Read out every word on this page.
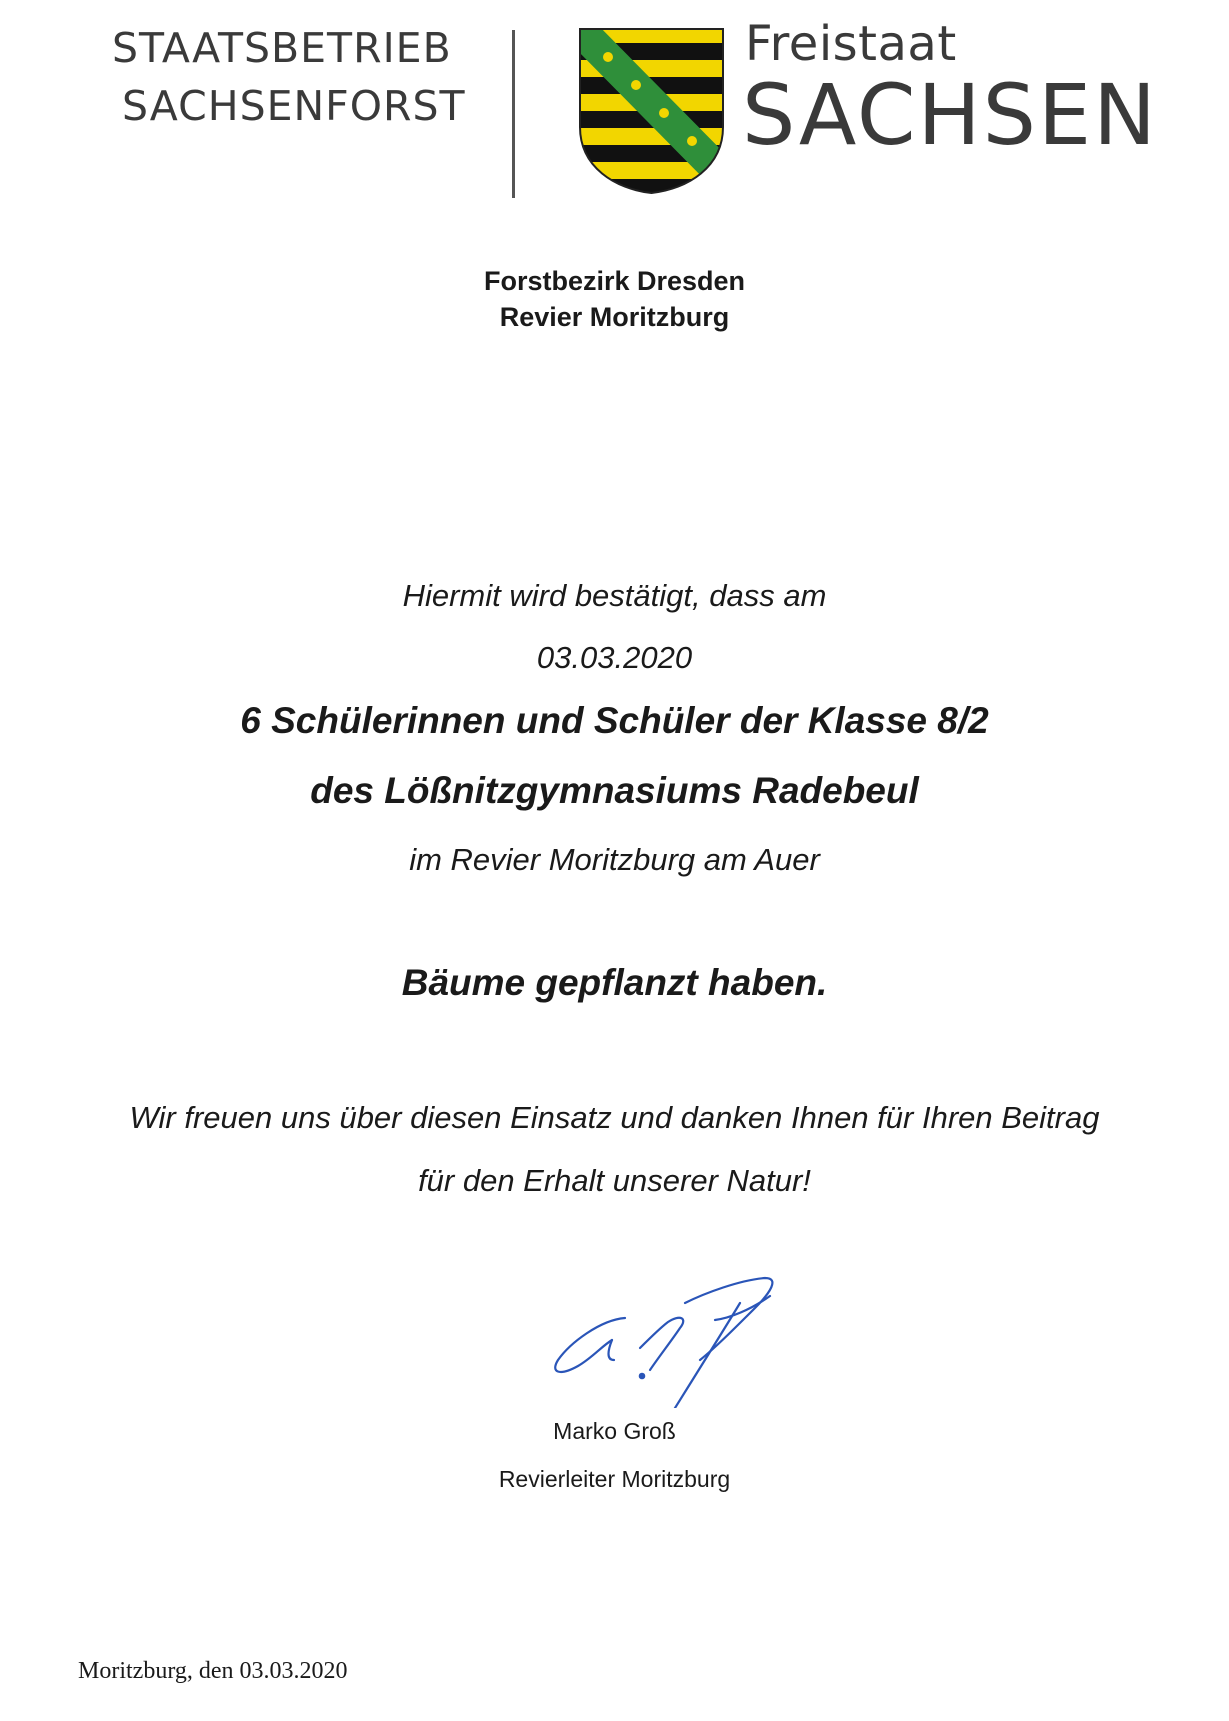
STAATSBETRIEB
SACHSENFORST
Freistaat
SACHSEN
Forstbezirk Dresden
Revier Moritzburg
Hiermit wird bestätigt, dass am
03.03.2020
6 Schülerinnen und Schüler der Klasse 8/2
des Lößnitzgymnasiums Radebeul
im Revier Moritzburg am Auer
Bäume gepflanzt haben.
Wir freuen uns über diesen Einsatz und danken Ihnen für Ihren Beitrag
für den Erhalt unserer Natur!
Marko Groß
Revierleiter Moritzburg
Moritzburg, den 03.03.2020
